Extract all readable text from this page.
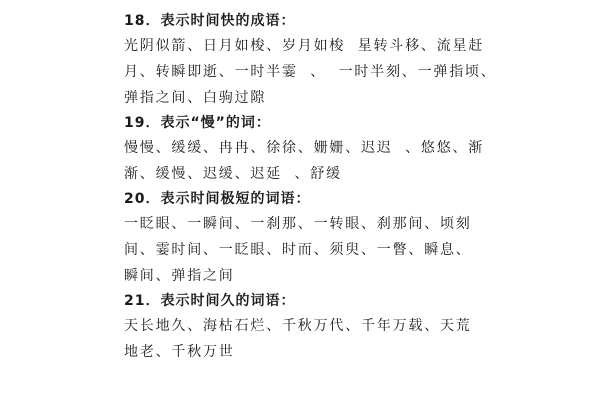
18．表示时间快的成语：

光阴似箭、日月如梭、岁月如梭  星转斗移、流星赶

月、转瞬即逝、一时半霎  、  一时半刻、一弹指顷、

弹指之间、白驹过隙

19．表示“慢”的词：

慢慢、缓缓、冉冉、徐徐、姗姗、迟迟  、悠悠、渐

渐、缓慢、迟缓、迟延  、舒缓

20．表示时间极短的词语：

一眨眼、一瞬间、一刹那、一转眼、刹那间、顷刻

间、霎时间、一眨眼、时而、须臾、一瞥、瞬息、

瞬间、弹指之间

21．表示时间久的词语：

天长地久、海枯石烂、千秋万代、千年万载、天荒

地老、千秋万世
